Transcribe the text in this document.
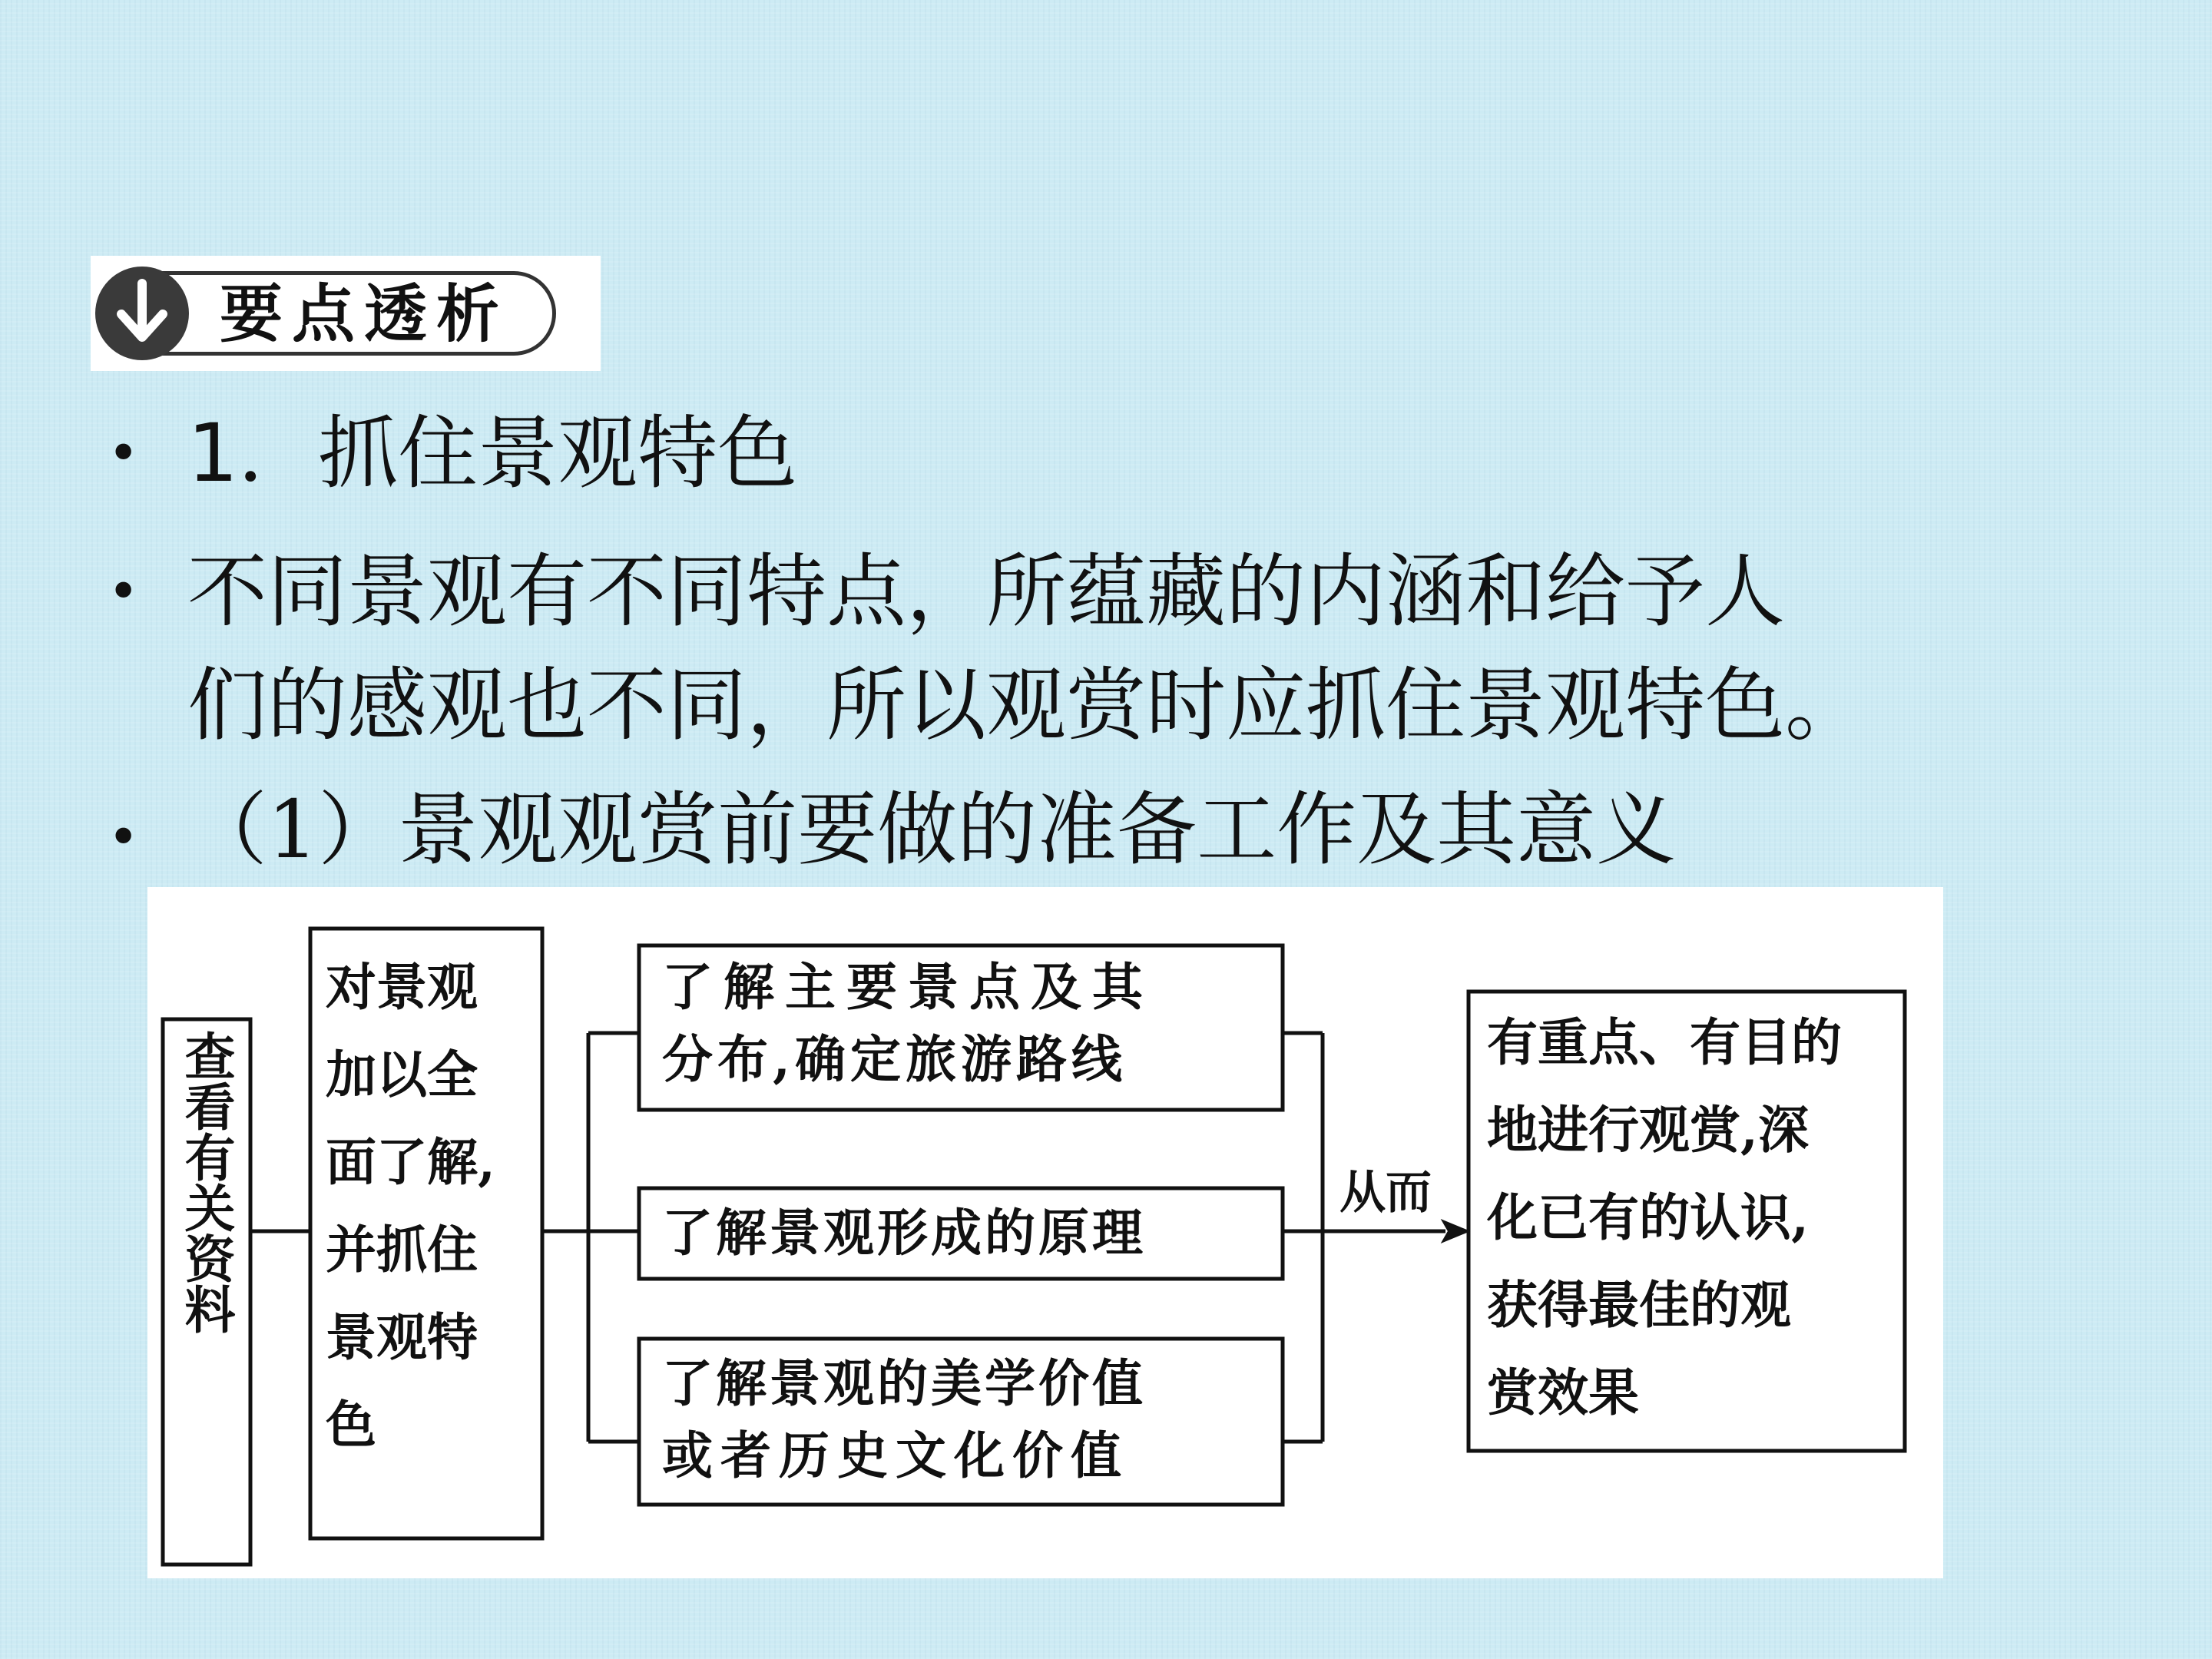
要点透析
• 1．抓住景观特色
• 不同景观有不同特点，所蕴藏的内涵和给予人
们的感观也不同，所以观赏时应抓住景观特色。
• （1）景观观赏前要做的准备工作及其意义
查看有关资料
对景观
加以全
面了解,
并抓住
景观特
色
了解主要景点及其
分布,确定旅游路线
了解景观形成的原理
了解景观的美学价值
或者历史文化价值
从而
有重点、有目的
地进行观赏,深
化已有的认识,
获得最佳的观
赏效果
